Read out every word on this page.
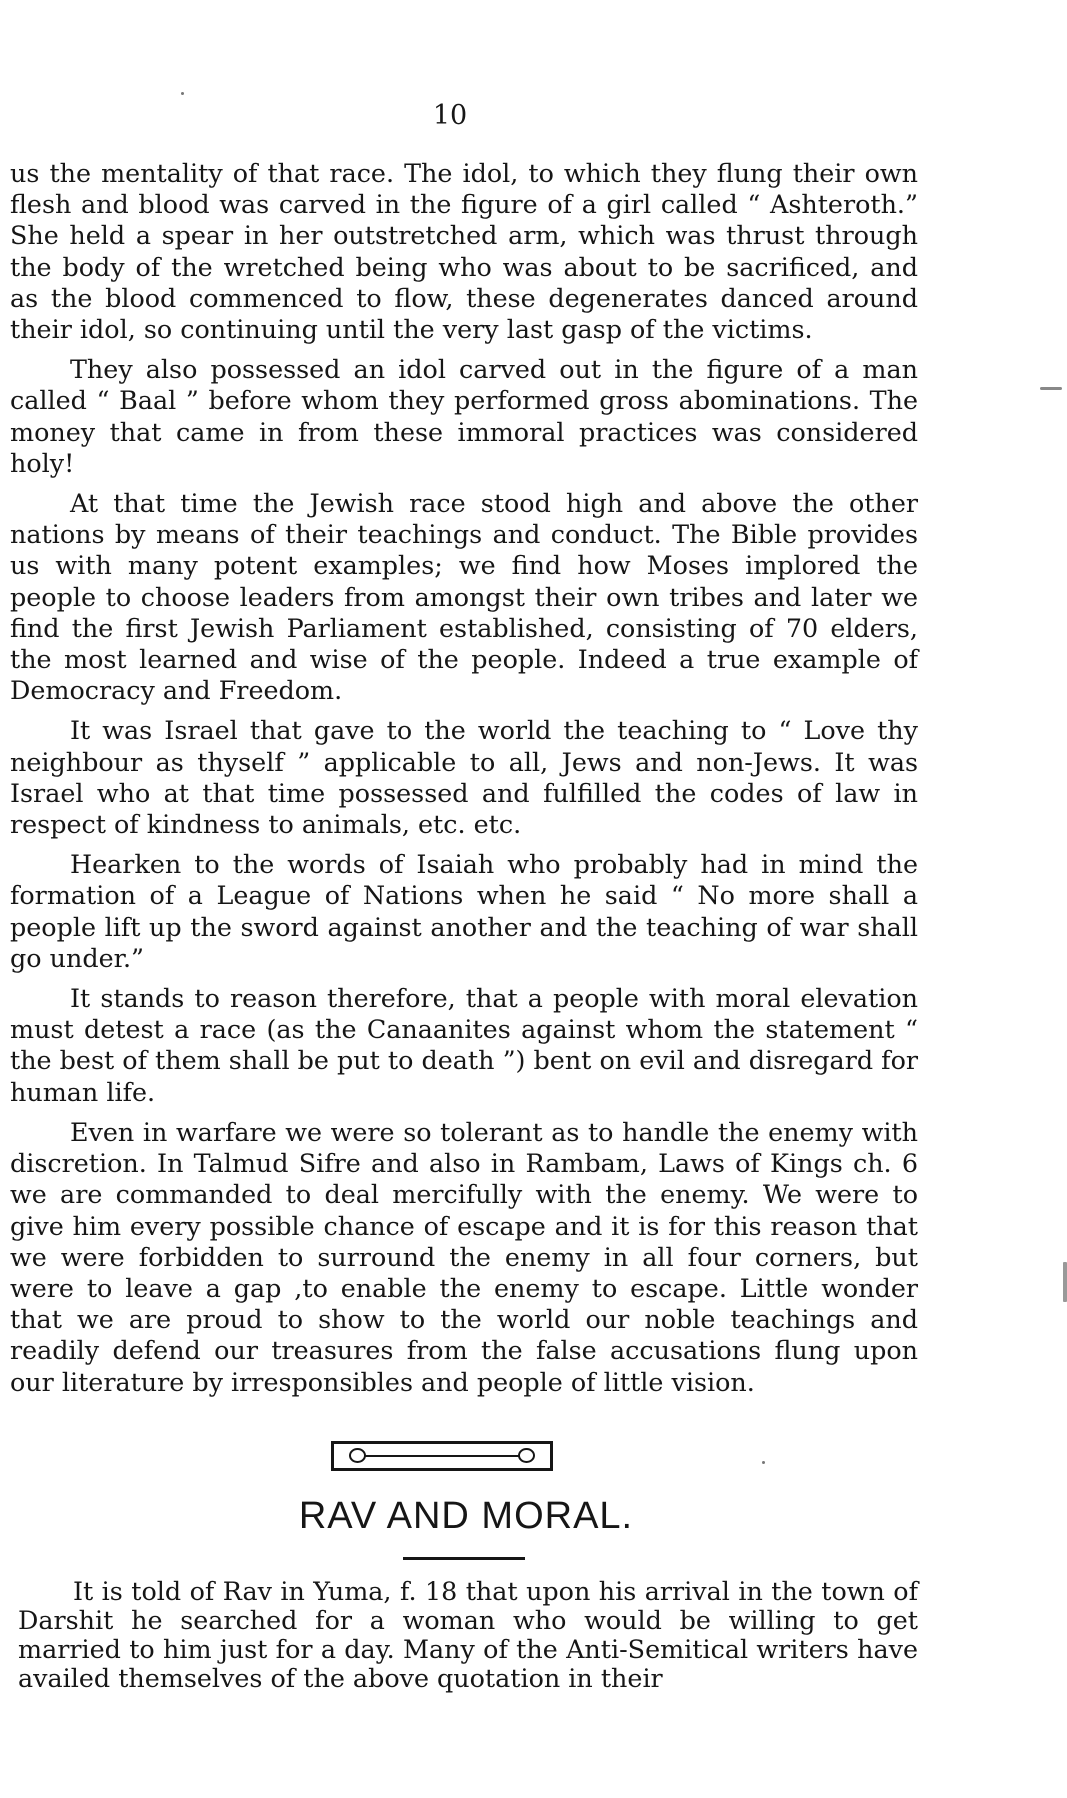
10

us the mentality of that race. The idol, to which they flung their own flesh and blood was carved in the figure of a girl called “ Ashteroth.” She held a spear in her outstretched arm, which was thrust through the body of the wretched being who was about to be sacrificed, and as the blood commenced to flow, these degenerates danced around their idol, so continuing until the very last gasp of the victims.

They also possessed an idol carved out in the figure of a man called “ Baal ” before whom they performed gross abominations. The money that came in from these immoral practices was considered holy!

At that time the Jewish race stood high and above the other nations by means of their teachings and conduct. The Bible provides us with many potent examples; we find how Moses implored the people to choose leaders from amongst their own tribes and later we find the first Jewish Parliament established, consisting of 70 elders, the most learned and wise of the people. Indeed a true example of Democracy and Freedom.

It was Israel that gave to the world the teaching to “ Love thy neighbour as thyself ” applicable to all, Jews and non-Jews. It was Israel who at that time possessed and fulfilled the codes of law in respect of kindness to animals, etc. etc.

Hearken to the words of Isaiah who probably had in mind the formation of a League of Nations when he said “ No more shall a people lift up the sword against another and the teaching of war shall go under.”

It stands to reason therefore, that a people with moral elevation must detest a race (as the Canaanites against whom the statement “ the best of them shall be put to death ”) bent on evil and disregard for human life.

Even in warfare we were so tolerant as to handle the enemy with discretion. In Talmud Sifre and also in Rambam, Laws of Kings ch. 6 we are commanded to deal mercifully with the enemy. We were to give him every possible chance of escape and it is for this reason that we were forbidden to surround the enemy in all four corners, but were to leave a gap ,to enable the enemy to escape. Little wonder that we are proud to show to the world our noble teachings and readily defend our treasures from the false accusations flung upon our literature by irresponsibles and people of little vision.

RAV AND MORAL.

It is told of Rav in Yuma, f. 18 that upon his arrival in the town of Darshit he searched for a woman who would be willing to get married to him just for a day. Many of the Anti-Semitical writers have availed themselves of the above quotation in their
